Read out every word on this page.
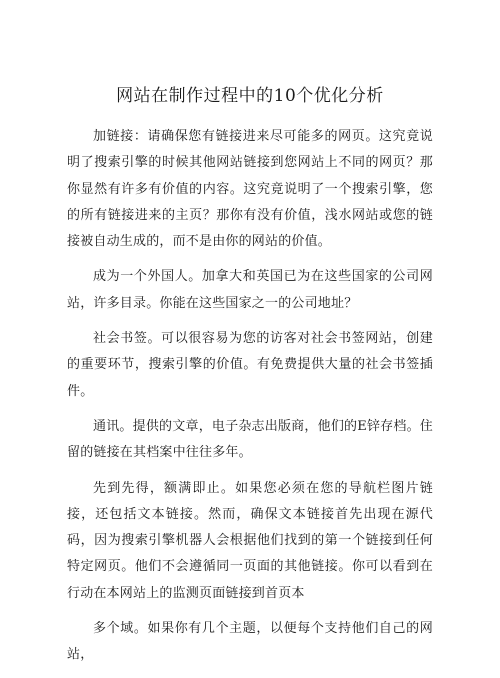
网站在制作过程中的10个优化分析

加链接：请确保您有链接进来尽可能多的网页。这究竟说明了搜索引擎的时候其他网站链接到您网站上不同的网页？那你显然有许多有价值的内容。这究竟说明了一个搜索引擎，您的所有链接进来的主页？那你有没有价值，浅水网站或您的链接被自动生成的，而不是由你的网站的价值。

成为一个外国人。加拿大和英国已为在这些国家的公司网站，许多目录。你能在这些国家之一的公司地址？

社会书签。可以很容易为您的访客对社会书签网站，创建的重要环节，搜索引擎的价值。有免费提供大量的社会书签插件。

通讯。提供的文章，电子杂志出版商，他们的E锌存档。住留的链接在其档案中往往多年。

先到先得，额满即止。如果您必须在您的导航栏图片链接，还包括文本链接。然而，确保文本链接首先出现在源代码，因为搜索引擎机器人会根据他们找到的第一个链接到任何特定网页。他们不会遵循同一页面的其他链接。你可以看到在行动在本网站上的监测页面链接到首页本

多个域。如果你有几个主题，以便每个支持他们自己的网站，
